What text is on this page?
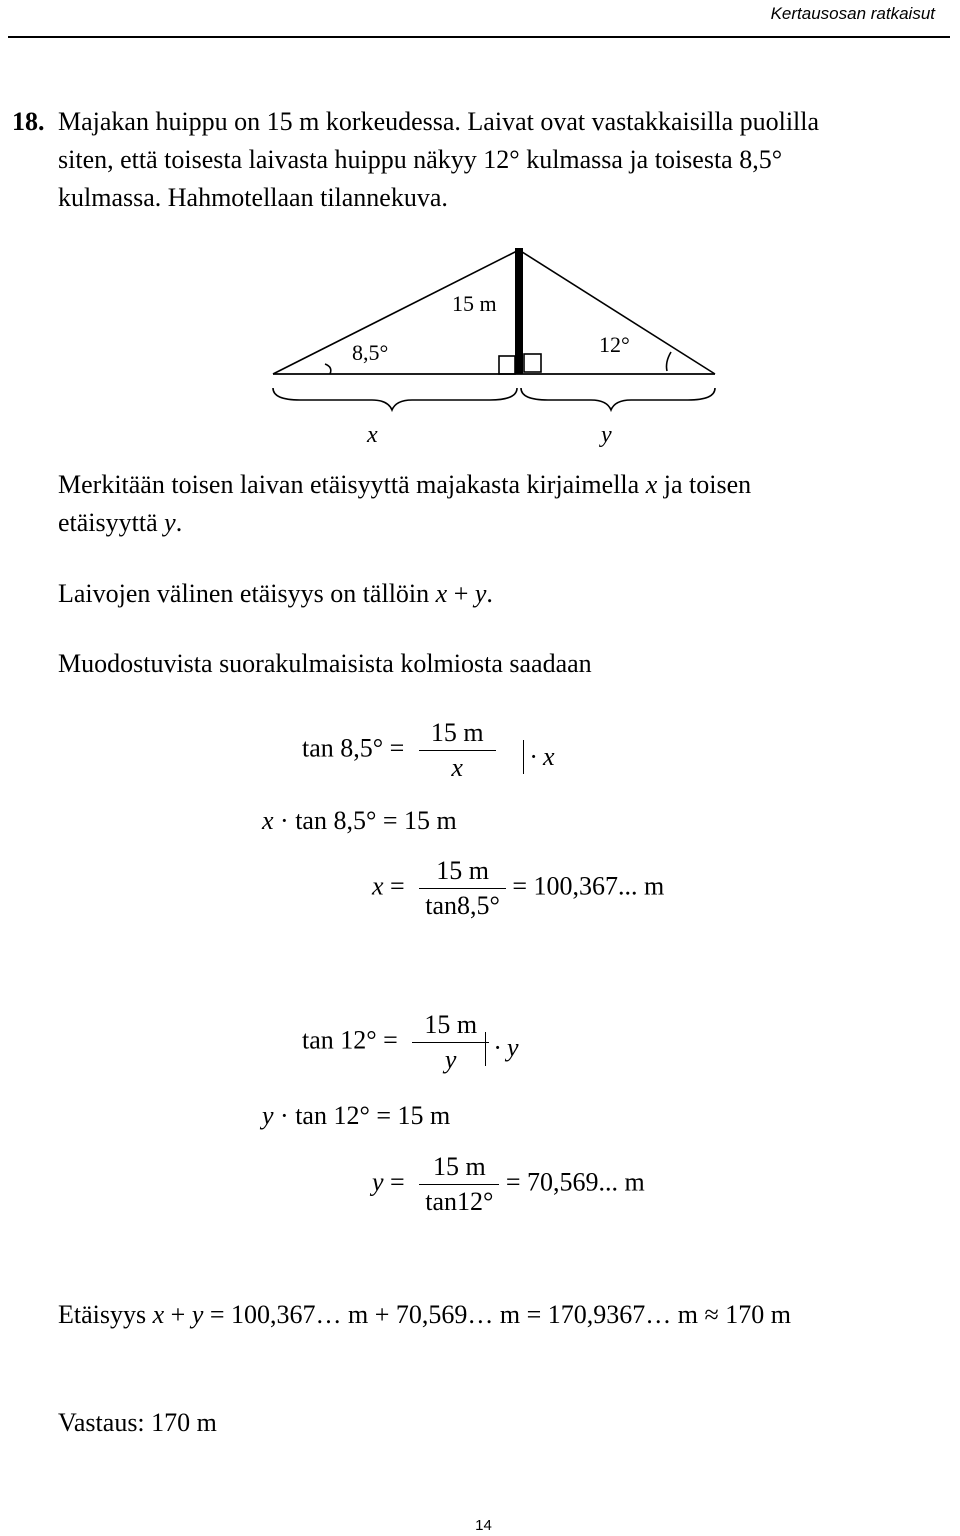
Kertausosan ratkaisut
18. Majakan huippu on 15 m korkeudessa. Laivat ovat vastakkaisilla puolilla
siten, että toisesta laivasta huippu näkyy 12° kulmassa ja toisesta 8,5°
kulmassa. Hahmotellaan tilannekuva.
15 m
8,5°	12°
x	y
Merkitään toisen laivan etäisyyttä majakasta kirjaimella x ja toisen
etäisyyttä y.
Laivojen välinen etäisyys on tällöin x + y.
Muodostuvista suorakulmaisista kolmiosta saadaan
$\tan 8,5^\circ = \frac{15 m}{x} \cdot x$
x · tan 8,5° = 15 m
$x = \frac{15 m}{\tan 8,5^\circ} = 100,367$... m
$\tan 12^\circ = \frac{15 m}{y} \cdot y$
y · tan 12° = 15 m
$y = \frac{15 m}{\tan 12^\circ} = 70,569$... m
Etäisyys x + y = 100,367… m + 70,569… m = 170,9367… m ≈ 170 m
Vastaus: 170 m
14
